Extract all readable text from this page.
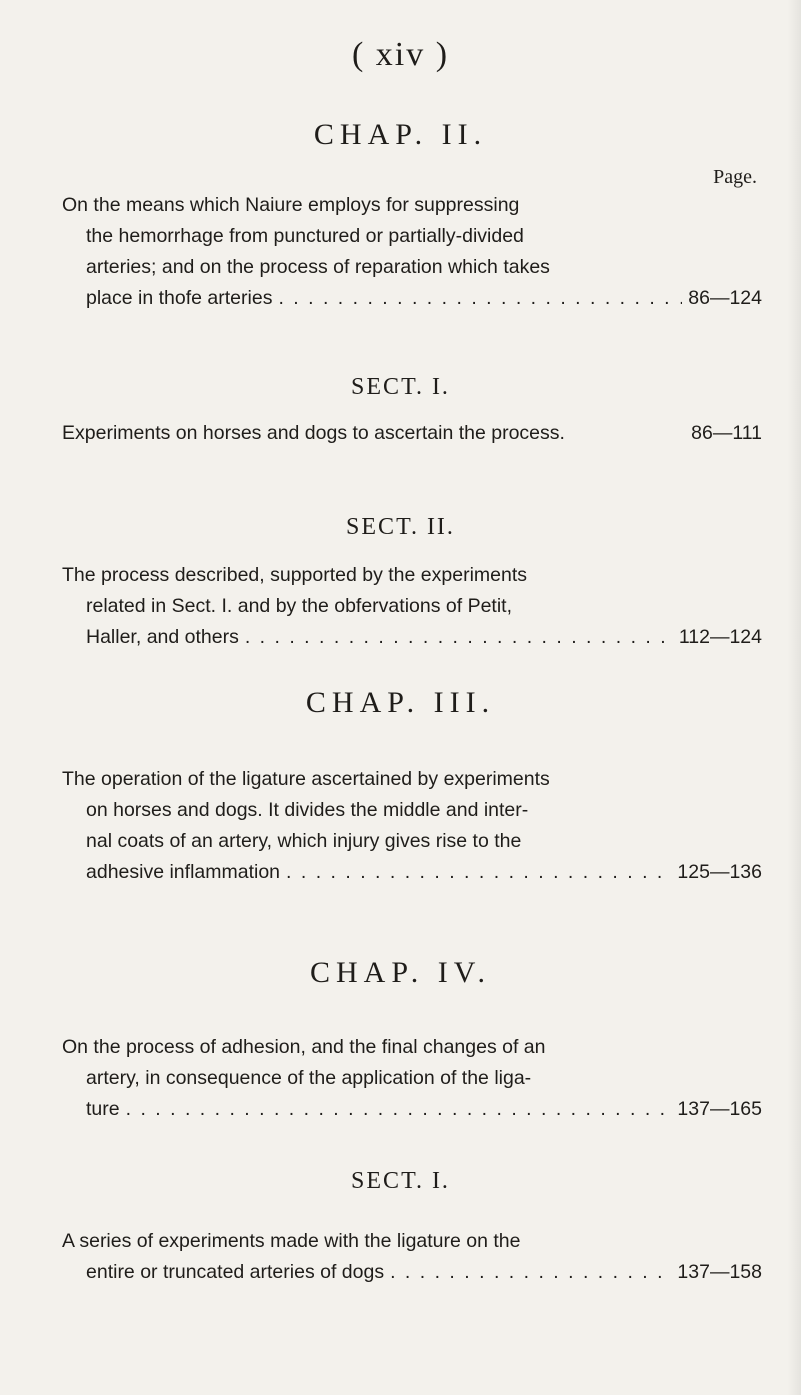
( xiv )
CHAP. II.
Page.
On the means which Naiure employs for suppressing
the hemorrhage from punctured or partially-divided
arteries; and on the process of reparation which takes
place in thofe arteries . . .	86—124
SECT. I.
Experiments on horses and dogs to ascertain the process.	86—111
SECT. II.
The process described, supported by the experiments
related in Sect. I. and by the obfervations of Petit,
Haller, and others . . .	112—124
CHAP. III.
The operation of the ligature ascertained by experiments
on horses and dogs. It divides the middle and inter-
nal coats of an artery, which injury gives rise to the
adhesive inflammation . . .	125—136
CHAP. IV.
On the process of adhesion, and the final changes of an
artery, in consequence of the application of the liga-
ture . . .	137—165
SECT. I.
A series of experiments made with the ligature on the
entire or truncated arteries of dogs . . .	137—158
